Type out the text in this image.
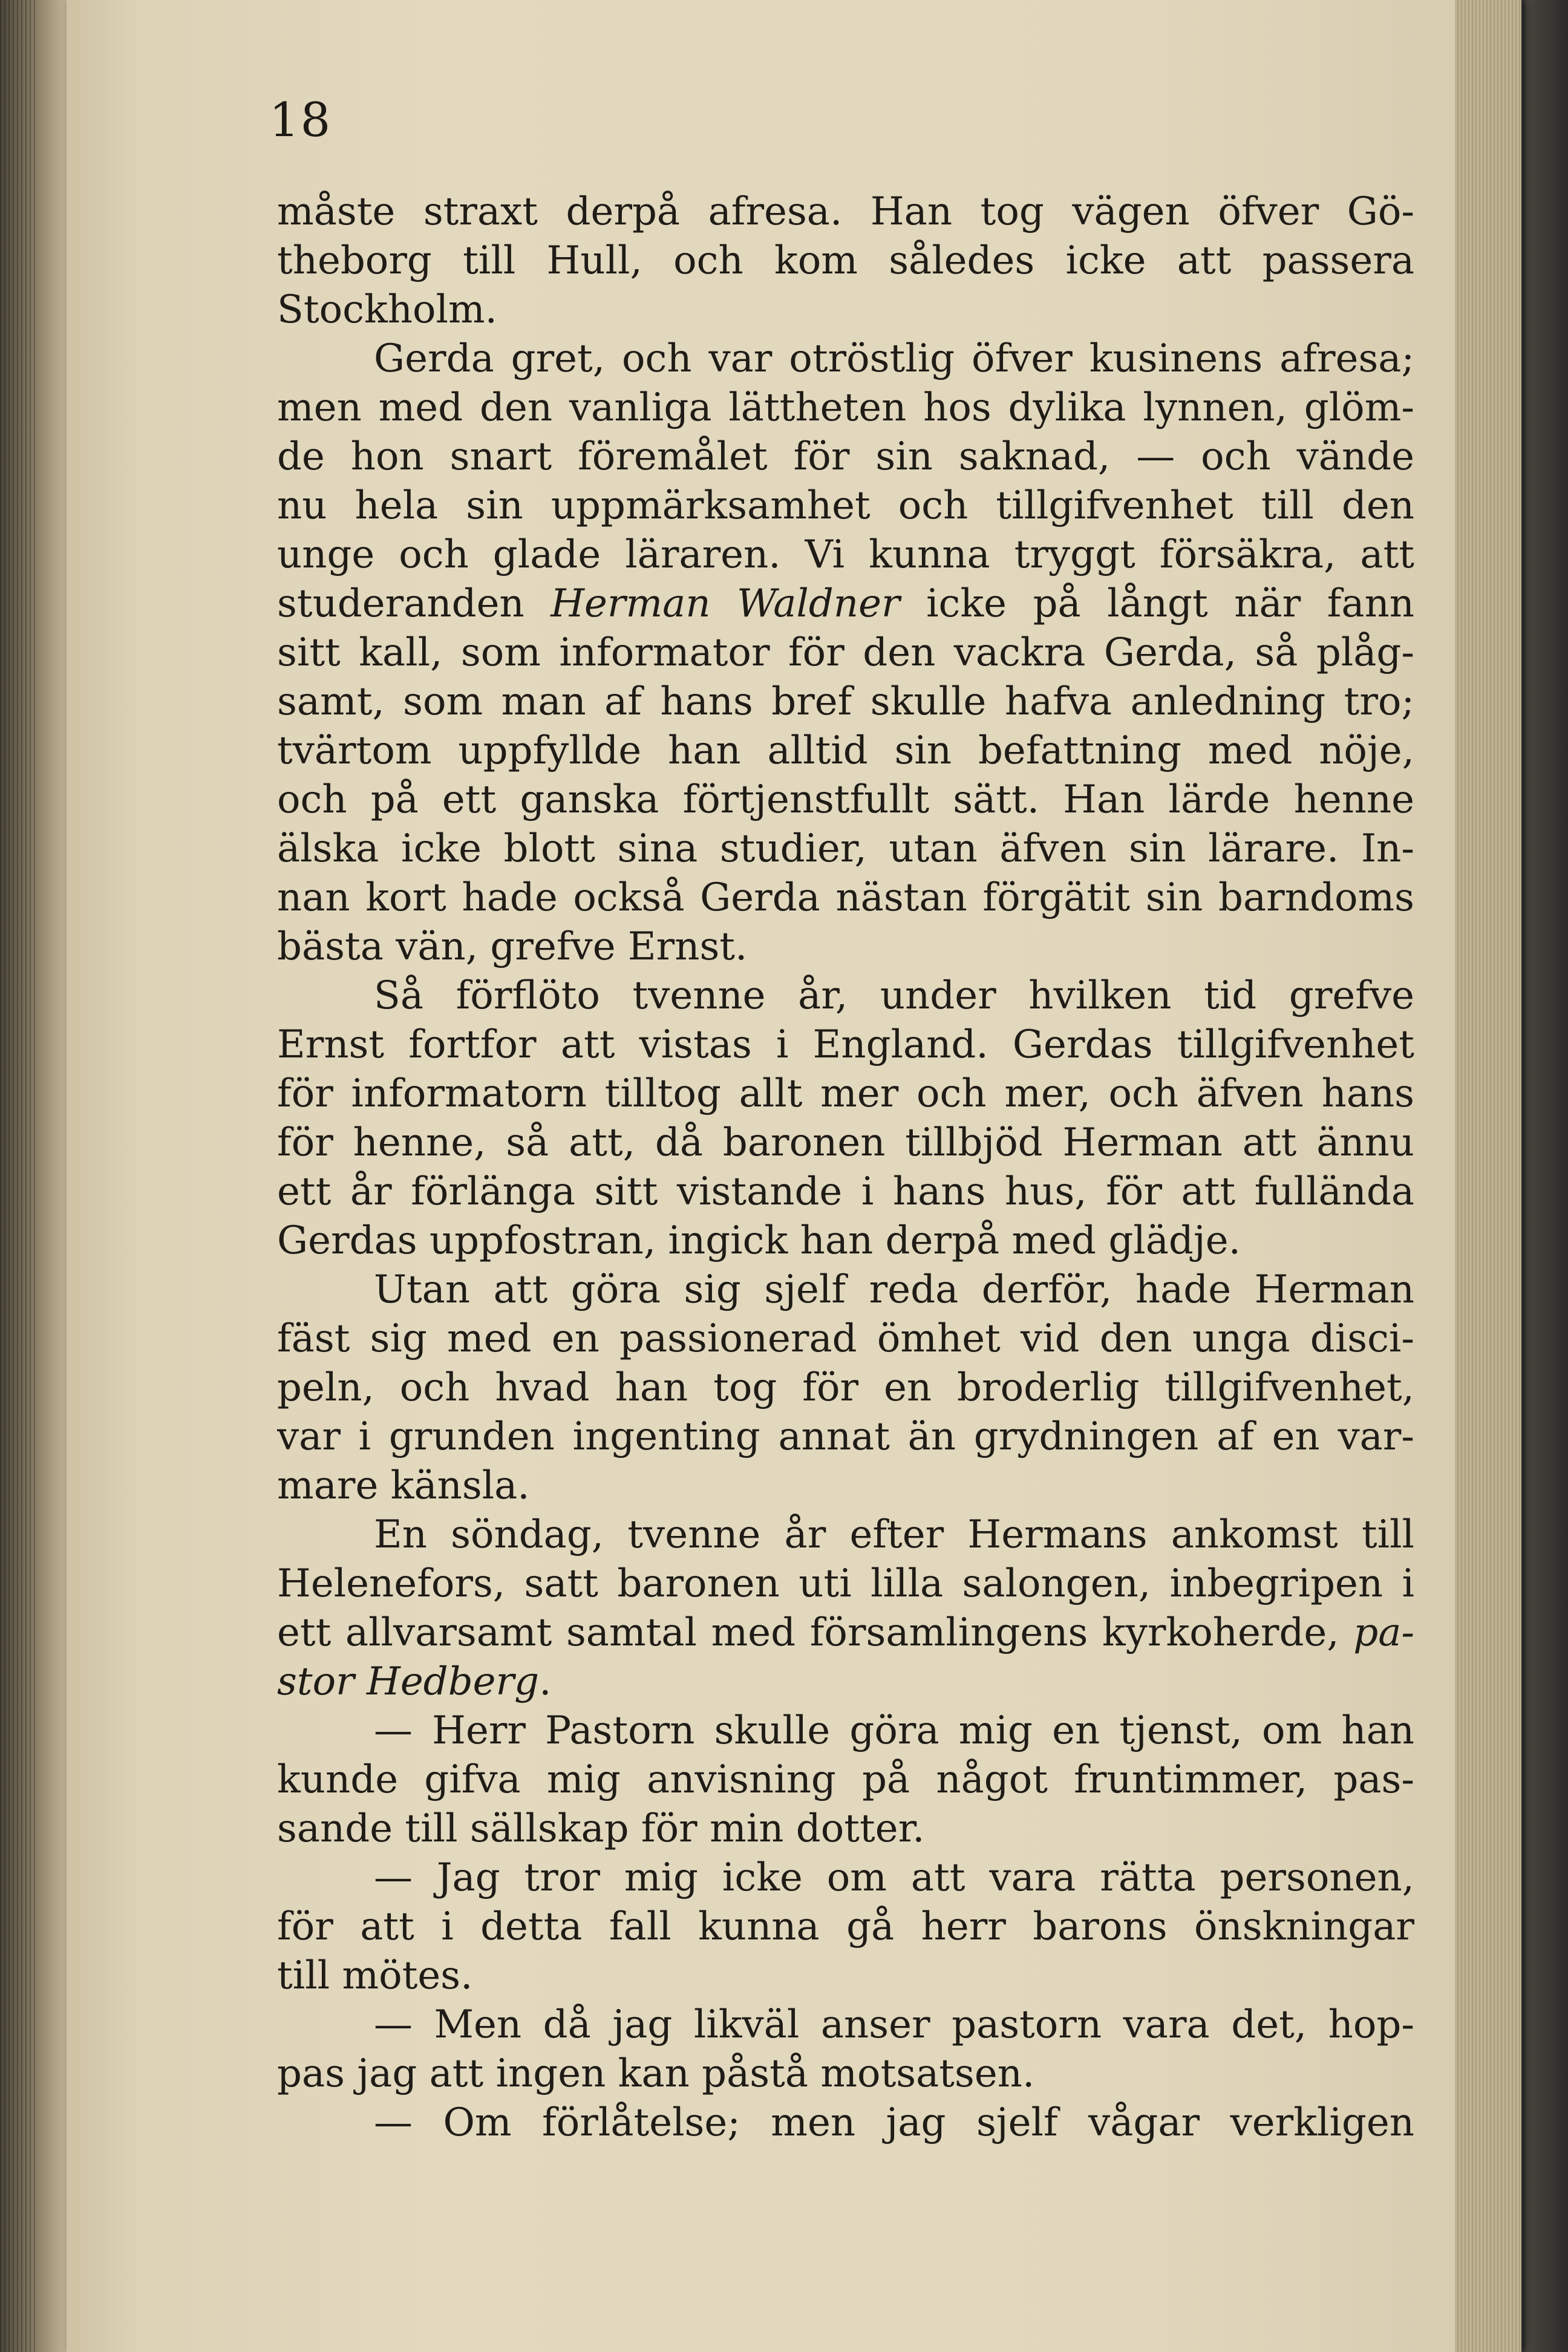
18
måste straxt derpå afresa. Han tog vägen öfver Gö-
theborg till Hull, och kom således icke att passera
Stockholm.
Gerda gret, och var otröstlig öfver kusinens afresa;
men med den vanliga lättheten hos dylika lynnen, glöm-
de hon snart föremålet för sin saknad, — och vände
nu hela sin uppmärksamhet och tillgifvenhet till den
unge och glade läraren. Vi kunna tryggt försäkra, att
studeranden Herman Waldner icke på långt när fann
sitt kall, som informator för den vackra Gerda, så plåg-
samt, som man af hans bref skulle hafva anledning tro;
tvärtom uppfyllde han alltid sin befattning med nöje,
och på ett ganska förtjenstfullt sätt. Han lärde henne
älska icke blott sina studier, utan äfven sin lärare. In-
nan kort hade också Gerda nästan förgätit sin barndoms
bästa vän, grefve Ernst.
Så förflöto tvenne år, under hvilken tid grefve
Ernst fortfor att vistas i England. Gerdas tillgifvenhet
för informatorn tilltog allt mer och mer, och äfven hans
för henne, så att, då baronen tillbjöd Herman att ännu
ett år förlänga sitt vistande i hans hus, för att fullända
Gerdas uppfostran, ingick han derpå med glädje.
Utan att göra sig sjelf reda derför, hade Herman
fäst sig med en passionerad ömhet vid den unga disci-
peln, och hvad han tog för en broderlig tillgifvenhet,
var i grunden ingenting annat än grydningen af en var-
mare känsla.
En söndag, tvenne år efter Hermans ankomst till
Helenefors, satt baronen uti lilla salongen, inbegripen i
ett allvarsamt samtal med församlingens kyrkoherde, pa-
stor Hedberg.
— Herr Pastorn skulle göra mig en tjenst, om han
kunde gifva mig anvisning på något fruntimmer, pas-
sande till sällskap för min dotter.
— Jag tror mig icke om att vara rätta personen,
för att i detta fall kunna gå herr barons önskningar
till mötes.
— Men då jag likväl anser pastorn vara det, hop-
pas jag att ingen kan påstå motsatsen.
— Om förlåtelse; men jag sjelf vågar verkligen
